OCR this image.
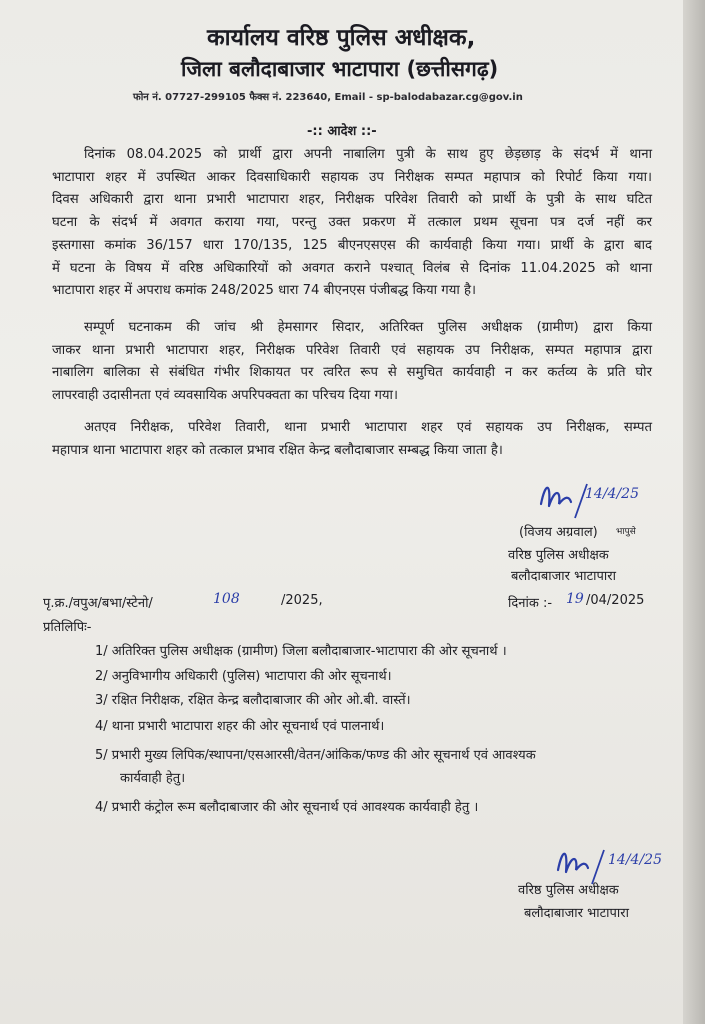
कार्यालय वरिष्ठ पुलिस अधीक्षक,
जिला बलौदाबाजार भाटापारा (छत्तीसगढ़)
फोन नं. 07727-299105 फैक्स नं. 223640, Email - sp-balodabazar.cg@gov.in
-:: आदेश ::-
दिनांक 08.04.2025 को प्रार्थी द्वारा अपनी नाबालिग पुत्री के साथ हुए छेड़छाड़ के संदर्भ में थाना
भाटापारा शहर में उपस्थित आकर दिवसाधिकारी सहायक उप निरीक्षक सम्पत महापात्र को रिपोर्ट किया गया।
दिवस अधिकारी द्वारा थाना प्रभारी भाटापारा शहर, निरीक्षक परिवेश तिवारी को प्रार्थी के पुत्री के साथ घटित
घटना के संदर्भ में अवगत कराया गया, परन्तु उक्त प्रकरण में तत्काल प्रथम सूचना पत्र दर्ज नहीं कर
इस्तगासा कमांक 36/157 धारा 170/135, 125 बीएनएसएस की कार्यवाही किया गया। प्रार्थी के द्वारा बाद
में घटना के विषय में वरिष्ठ अधिकारियों को अवगत कराने पश्चात् विलंब से दिनांक 11.04.2025 को थाना
भाटापारा शहर में अपराध कमांक 248/2025 धारा 74 बीएनएस पंजीबद्ध किया गया है।
सम्पूर्ण घटनाकम की जांच श्री हेमसागर सिदार, अतिरिक्त पुलिस अधीक्षक (ग्रामीण) द्वारा किया
जाकर थाना प्रभारी भाटापारा शहर, निरीक्षक परिवेश तिवारी एवं सहायक उप निरीक्षक, सम्पत महापात्र द्वारा
नाबालिग बालिका से संबंधित गंभीर शिकायत पर त्वरित रूप से समुचित कार्यवाही न कर कर्तव्य के प्रति घोर
लापरवाही उदासीनता एवं व्यवसायिक अपरिपक्वता का परिचय दिया गया।
अतएव निरीक्षक, परिवेश तिवारी, थाना प्रभारी भाटापारा शहर एवं सहायक उप निरीक्षक, सम्पत
महापात्र थाना भाटापारा शहर को तत्काल प्रभाव रक्षित केन्द्र बलौदाबाजार सम्बद्ध किया जाता है।
14/4/25
(विजय अग्रवाल) भापुसे
वरिष्ठ पुलिस अधीक्षक
बलौदाबाजार भाटापारा
पृ.क्र./वपुअ/बभा/स्टेनो/	108	/2025,	दिनांक :- 19 /04/2025
प्रतिलिपिः-
1/ अतिरिक्त पुलिस अधीक्षक (ग्रामीण) जिला बलौदाबाजार-भाटापारा की ओर सूचनार्थ ।
2/ अनुविभागीय अधिकारी (पुलिस) भाटापारा की ओर सूचनार्थ।
3/ रक्षित निरीक्षक, रक्षित केन्द्र बलौदाबाजार की ओर ओ.बी. वास्तें।
4/ थाना प्रभारी भाटापारा शहर की ओर सूचनार्थ एवं पालनार्थ।
5/ प्रभारी मुख्य लिपिक/स्थापना/एसआरसी/वेतन/आंकिक/फण्ड की ओर सूचनार्थ एवं आवश्यक
कार्यवाही हेतु।
4/ प्रभारी कंट्रोल रूम बलौदाबाजार की ओर सूचनार्थ एवं आवश्यक कार्यवाही हेतु ।
14/4/25
वरिष्ठ पुलिस अधीक्षक
बलौदाबाजार भाटापारा
